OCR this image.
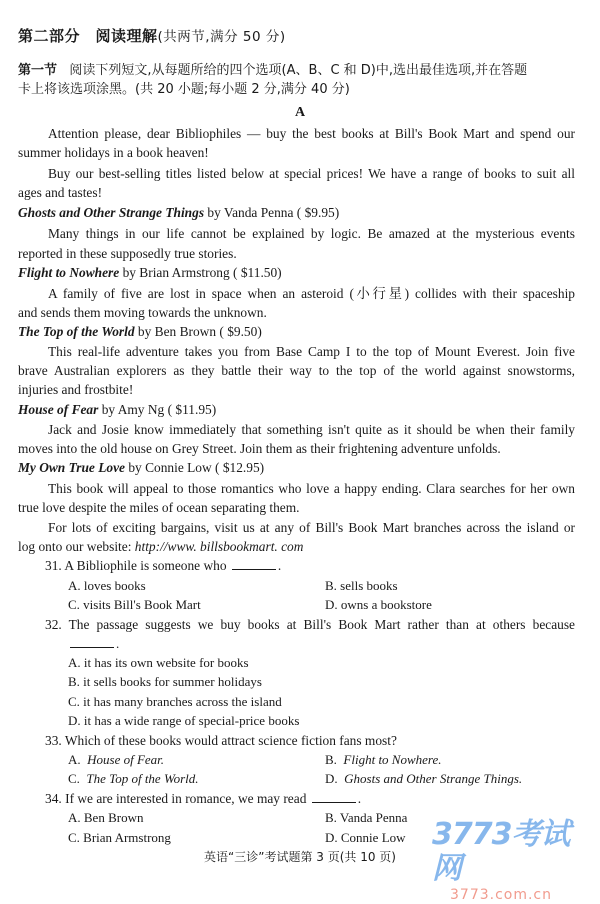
第二部分　阅读理解(共两节,满分 50 分)
第一节 阅读下列短文,从每题所给的四个选项(A、B、C 和 D)中,选出最佳选项,并在答题
卡上将该选项涂黑。(共 20 小题;每小题 2 分,满分 40 分)
A
Attention please, dear Bibliophiles — buy the best books at Bill's Book Mart and spend our
summer holidays in a book heaven!
Buy our best-selling titles listed below at special prices! We have a range of books to suit all
ages and tastes!
Ghosts and Other Strange Things by Vanda Penna ( $9.95)
Many things in our life cannot be explained by logic. Be amazed at the mysterious events
reported in these supposedly true stories.
Flight to Nowhere by Brian Armstrong ( $11.50)
A family of five are lost in space when an asteroid (小行星) collides with their spaceship
and sends them moving towards the unknown.
The Top of the World by Ben Brown ( $9.50)
This real-life adventure takes you from Base Camp I to the top of Mount Everest. Join five
brave Australian explorers as they battle their way to the top of the world against snowstorms,
injuries and frostbite!
House of Fear by Amy Ng ( $11.95)
Jack and Josie know immediately that something isn't quite as it should be when their family
moves into the old house on Grey Street. Join them as their frightening adventure unfolds.
My Own True Love by Connie Low ( $12.95)
This book will appeal to those romantics who love a happy ending. Clara searches for her own
true love despite the miles of ocean separating them.
For lots of exciting bargains, visit us at any of Bill's Book Mart branches across the island or
log onto our website: http://www. billsbookmart. com
31. A Bibliophile is someone who	.
A. loves books	B. sells books
C. visits Bill's Book Mart	D. owns a bookstore
32. The passage suggests we buy books at Bill's Book Mart rather than at others because
.
A. it has its own website for books
B. it sells books for summer holidays
C. it has many branches across the island
D. it has a wide range of special-price books
33. Which of these books would attract science fiction fans most?
A. House of Fear.	B. Flight to Nowhere.
C. The Top of the World.	D. Ghosts and Other Strange Things.
34. If we are interested in romance, we may read	.
A. Ben Brown	B. Vanda Penna
C. Brian Armstrong	D. Connie Low
英语“三诊”考试题第 3 页(共 10 页)
3773考试网
3773.com.cn
